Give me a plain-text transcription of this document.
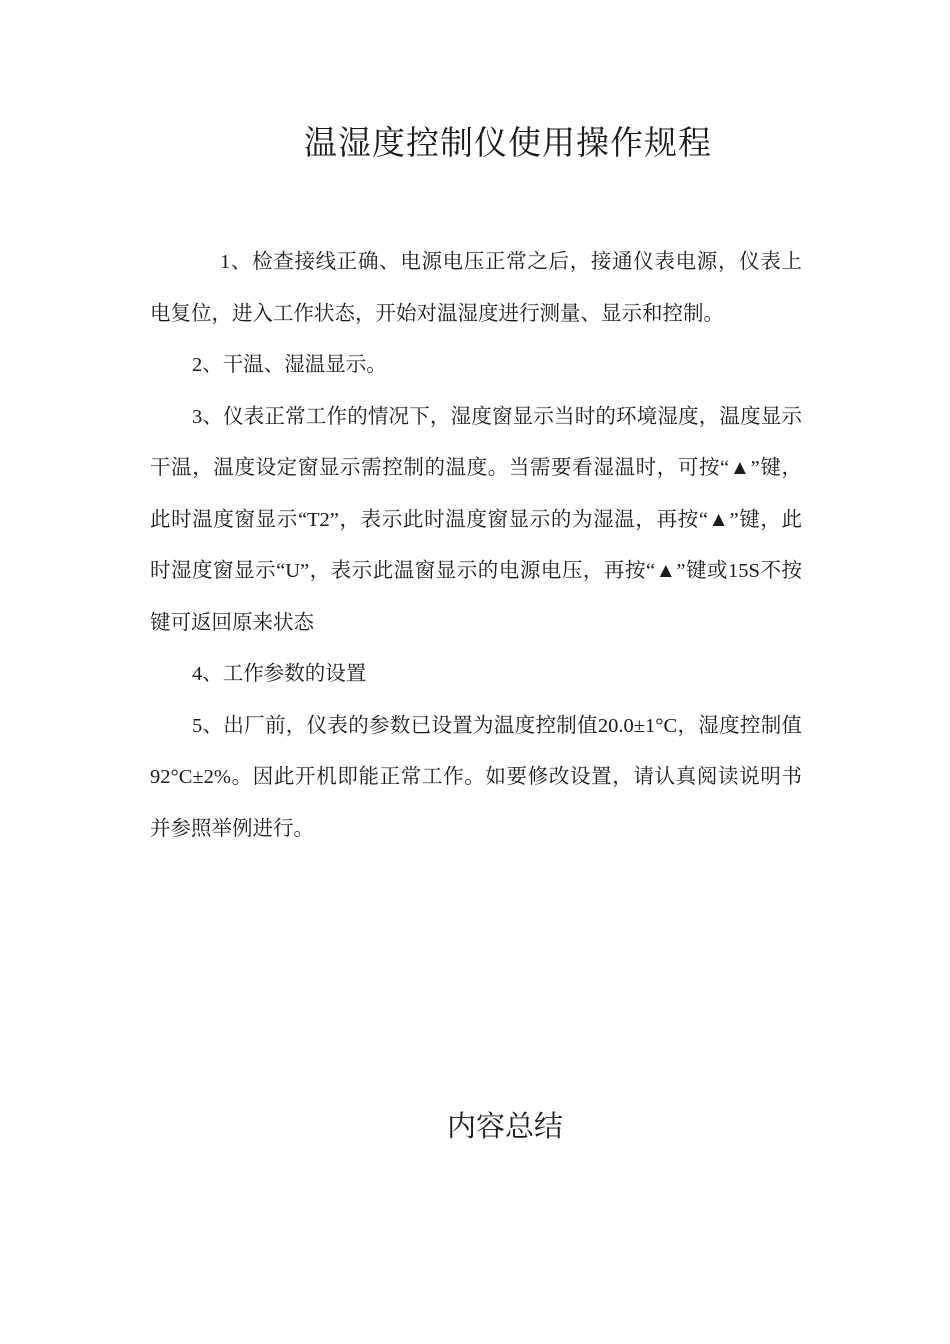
温湿度控制仪使用操作规程

1、检查接线正确、电源电压正常之后，接通仪表电源，仪表上电复位，进入工作状态，开始对温湿度进行测量、显示和控制。

2、干温、湿温显示。

3、仪表正常工作的情况下，湿度窗显示当时的环境湿度，温度显示干温，温度设定窗显示需控制的温度。当需要看湿温时，可按“▲”键，此时温度窗显示“T2”，表示此时温度窗显示的为湿温，再按“▲”键，此时湿度窗显示“U”，表示此温窗显示的电源电压，再按“▲”键或15S不按键可返回原来状态

4、工作参数的设置

5、出厂前，仪表的参数已设置为温度控制值20.0±1°C，湿度控制值92°C±2%。因此开机即能正常工作。如要修改设置，请认真阅读说明书并参照举例进行。

内容总结
